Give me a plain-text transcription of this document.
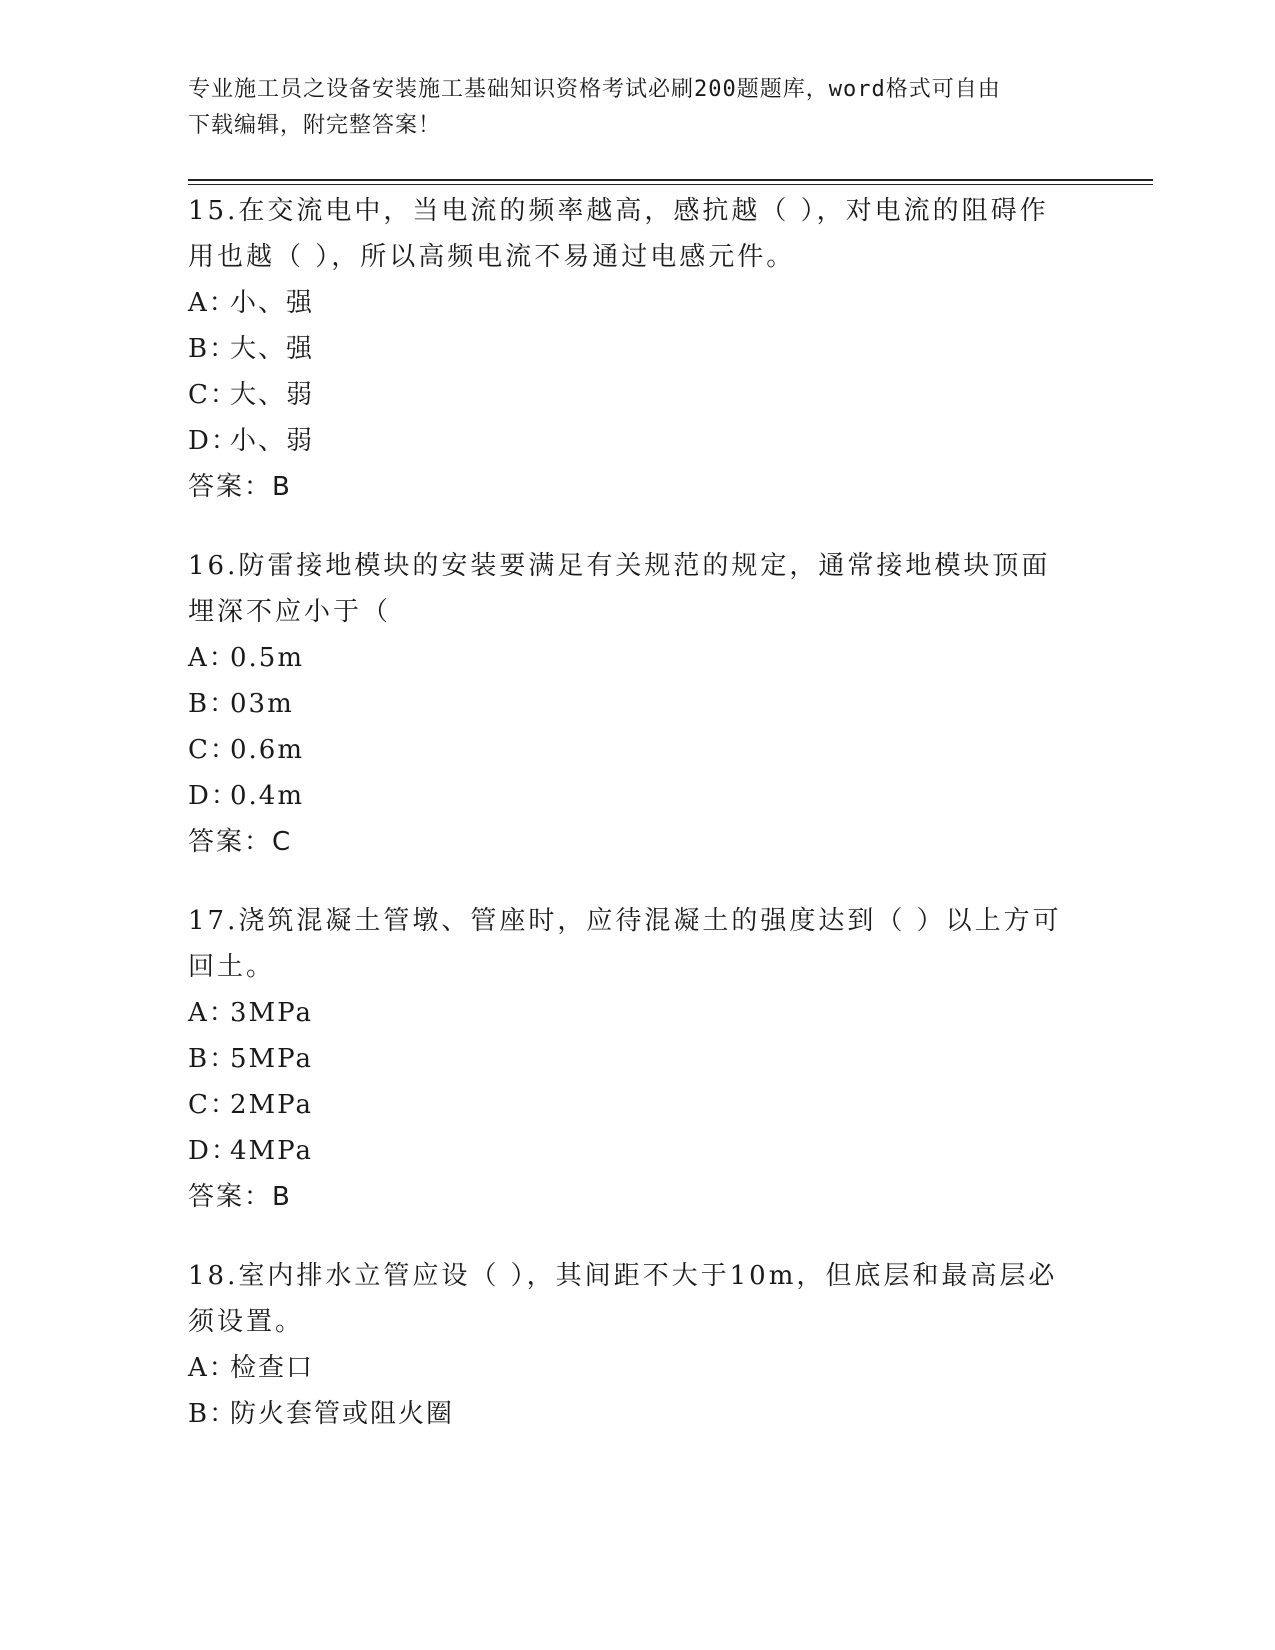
专业施工员之设备安装施工基础知识资格考试必刷200题题库，word格式可自由
下载编辑，附完整答案！
15.在交流电中，当电流的频率越高，感抗越（ ），对电流的阻碍作用也越（ ），所以高频电流不易通过电感元件。
A：小、强
B：大、强
C：大、弱
D：小、弱
答案：B
16.防雷接地模块的安装要满足有关规范的规定，通常接地模块顶面埋深不应小于（
A：0.5m
B：03m
C：0.6m
D：0.4m
答案：C
17.浇筑混凝土管墩、管座时，应待混凝土的强度达到（ ）以上方可回土。
A：3MPa
B：5MPa
C：2MPa
D：4MPa
答案：B
18.室内排水立管应设（ ），其间距不大于10m，但底层和最高层必须设置。
A：检查口
B：防火套管或阻火圈
